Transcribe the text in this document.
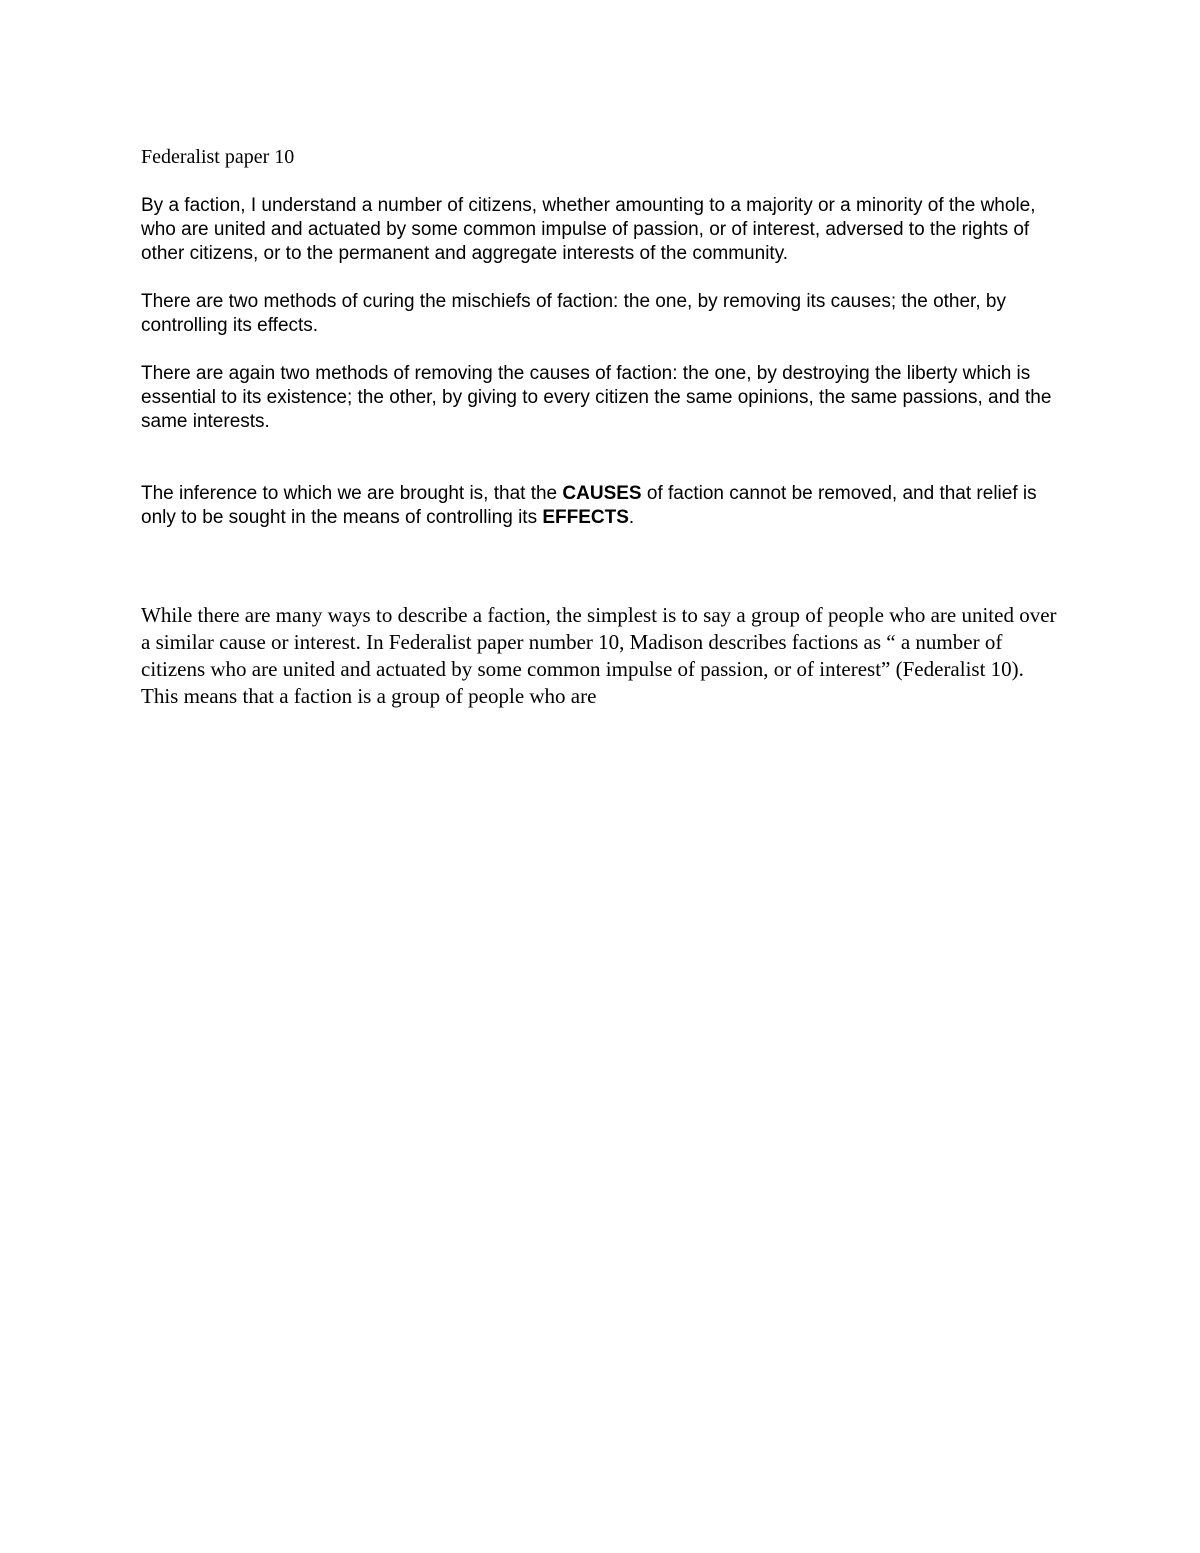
Federalist paper 10

By a faction, I understand a number of citizens, whether amounting to a majority or a minority of the whole, who are united and actuated by some common impulse of passion, or of interest, adversed to the rights of other citizens, or to the permanent and aggregate interests of the community.

There are two methods of curing the mischiefs of faction: the one, by removing its causes; the other, by controlling its effects.

There are again two methods of removing the causes of faction: the one, by destroying the liberty which is essential to its existence; the other, by giving to every citizen the same opinions, the same passions, and the same interests.

The inference to which we are brought is, that the CAUSES of faction cannot be removed, and that relief is only to be sought in the means of controlling its EFFECTS.

While there are many ways to describe a faction, the simplest is to say a group of people who are united over a similar cause or interest. In Federalist paper number 10, Madison describes factions as “ a number of citizens who are united and actuated by some common impulse of passion, or of interest” (Federalist 10). This means that a faction is a group of people who are
